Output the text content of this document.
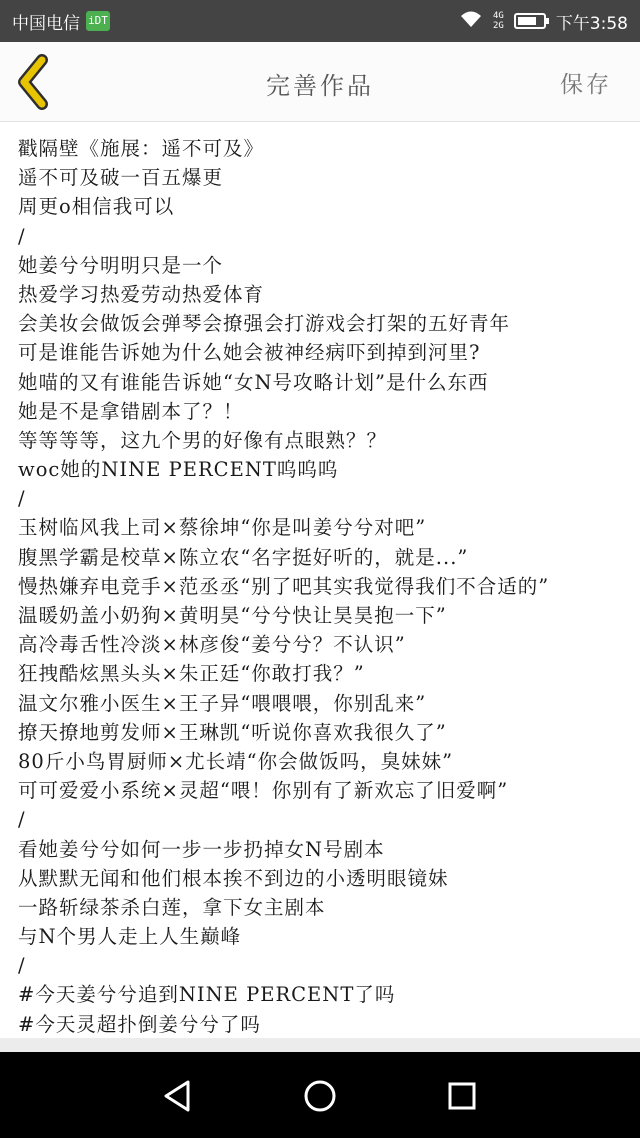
中国电信 iDT	4G
2G	下午3:58
完善作品	保存
戳隔壁《施展：遥不可及》
遥不可及破一百五爆更
周更o相信我可以
/
她姜兮兮明明只是一个
热爱学习热爱劳动热爱体育
会美妆会做饭会弹琴会撩强会打游戏会打架的五好青年
可是谁能告诉她为什么她会被神经病吓到掉到河里?
她喵的又有谁能告诉她“女N号攻略计划”是什么东西
她是不是拿错剧本了？！
等等等等，这九个男的好像有点眼熟？？
woc她的NINE PERCENT呜呜呜
/
玉树临风我上司×蔡徐坤“你是叫姜兮兮对吧”
腹黑学霸是校草×陈立农“名字挺好听的，就是...”
慢热嫌弃电竞手×范丞丞“别了吧其实我觉得我们不合适的”
温暖奶盖小奶狗×黄明昊“兮兮快让昊昊抱一下”
高冷毒舌性冷淡×林彦俊“姜兮兮？不认识”
狂拽酷炫黑头头×朱正廷“你敢打我？”
温文尔雅小医生×王子异“喂喂喂，你别乱来”
撩天撩地剪发师×王琳凯“听说你喜欢我很久了”
80斤小鸟胃厨师×尤长靖“你会做饭吗，臭妹妹”
可可爱爱小系统×灵超“喂！你别有了新欢忘了旧爱啊”
/
看她姜兮兮如何一步一步扔掉女N号剧本
从默默无闻和他们根本挨不到边的小透明眼镜妹
一路斩绿茶杀白莲，拿下女主剧本
与N个男人走上人生巅峰
/
#今天姜兮兮追到NINE PERCENT了吗
#今天灵超扑倒姜兮兮了吗
